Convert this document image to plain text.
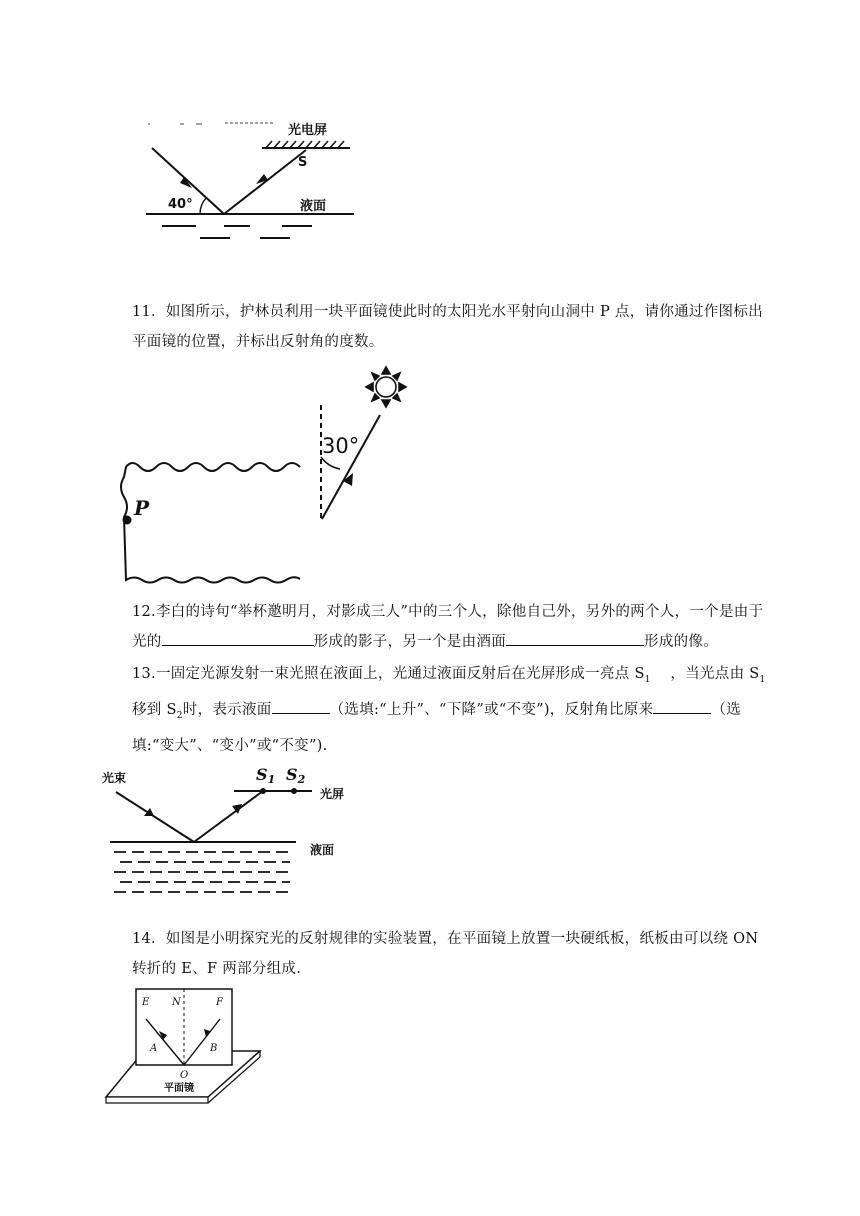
光电屏
S
40°	液面
11．如图所示，护林员利用一块平面镜使此时的太阳光水平射向山洞中 P 点，请你通过作图标出平面镜的位置，并标出反射角的度数。
P
30°
12.李白的诗句“举杯邀明月，对影成三人”中的三个人，除他自己外，另外的两个人，一个是由于光的	形成的影子，另一个是由酒面	形成的像。
13.一固定光源发射一束光照在液面上，光通过液面反射后在光屏形成一亮点 $S_1$ ，当光点由 $S_1$移到 $S_2$时，表示液面	（选填:“上升”、“下降”或“不变”)，反射角比原来	（选填:“变大”、“变小”或“不变”).
光束	S1 S2
光屏
液面
14．如图是小明探究光的反射规律的实验装置，在平面镜上放置一块硬纸板，纸板由可以绕 ON 转折的 E、F 两部分组成.
E N	F
A	B
O
平面镜
